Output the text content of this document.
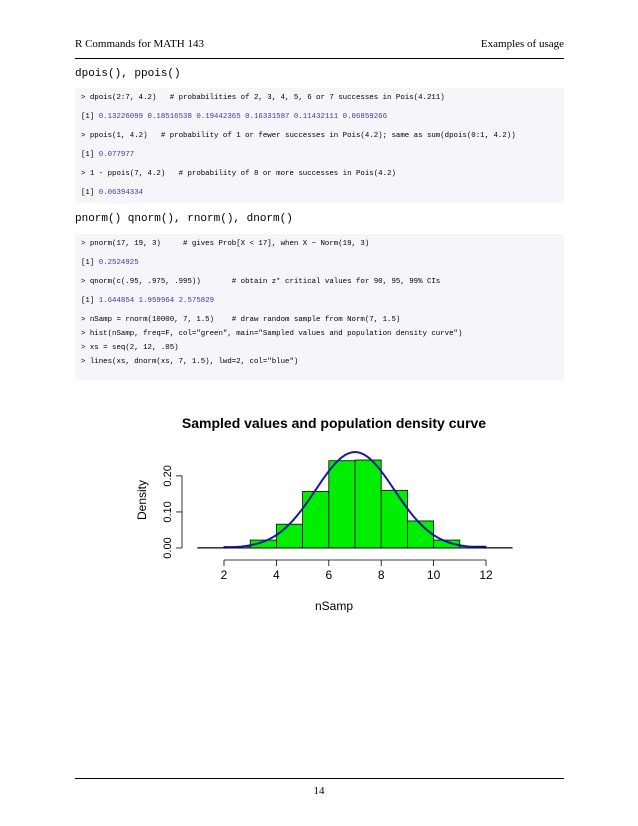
R Commands for MATH 143	Examples of usage
dpois(), ppois()
> dpois(2:7, 4.2)   # probabilities of 2, 3, 4, 5, 6 or 7 successes in Pois(4.211)
[1] 0.13226099 0.18516538 0.19442365 0.16331587 0.11432111 0.06859266
> ppois(1, 4.2)   # probability of 1 or fewer successes in Pois(4.2); same as sum(dpois(0:1, 4.2))
[1] 0.077977
> 1 - ppois(7, 4.2)   # probability of 8 or more successes in Pois(4.2)
[1] 0.06394334
pnorm() qnorm(), rnorm(), dnorm()
> pnorm(17, 19, 3)     # gives Prob[X < 17], when X ~ Norm(19, 3)
[1] 0.2524925
> qnorm(c(.95, .975, .995))       # obtain z* critical values for 90, 95, 99% CIs
[1] 1.644854 1.959964 2.575829
> nSamp = rnorm(10000, 7, 1.5)    # draw random sample from Norm(7, 1.5)
> hist(nSamp, freq=F, col="green", main="Sampled values and population density curve")
> xs = seq(2, 12, .05)
> lines(xs, dnorm(xs, 7, 1.5), lwd=2, col="blue")
Sampled values and population density curve
Density
nSamp
2	4	6	8	10	12
0.00
0.10
0.20
14
